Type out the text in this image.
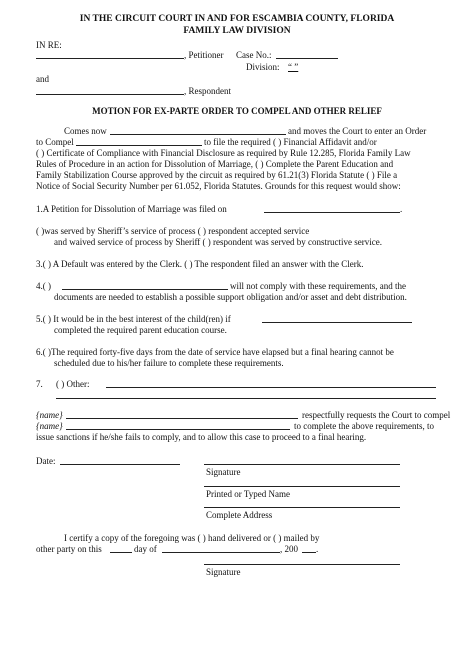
IN THE CIRCUIT COURT IN AND FOR ESCAMBIA COUNTY, FLORIDA
FAMILY LAW DIVISION
IN RE:
, Petitioner Case No.:
Division: “ ”
and
, Respondent
MOTION FOR EX-PARTE ORDER TO COMPEL AND OTHER RELIEF
Comes now	and moves the Court to enter an Order
to Compel	to file the required ( ) Financial Affidavit and/or
( ) Certificate of Compliance with Financial Disclosure as required by Rule 12.285, Florida Family Law
Rules of Procedure in an action for Dissolution of Marriage, ( ) Complete the Parent Education and
Family Stabilization Course approved by the circuit as required by 61.21(3) Florida Statute ( ) File a
Notice of Social Security Number per 61.052, Florida Statutes. Grounds for this request would show:
1.A Petition for Dissolution of Marriage was filed on	.
( )was served by Sheriff’s service of process ( ) respondent accepted service
and waived service of process by Sheriff ( ) respondent was served by constructive service.
3.( ) A Default was entered by the Clerk. ( ) The respondent filed an answer with the Clerk.
4.( )	will not comply with these requirements, and the
documents are needed to establish a possible support obligation and/or asset and debt distribution.
5.( ) It would be in the best interest of the child(ren) if
completed the required parent education course.
6.( )The required forty-five days from the date of service have elapsed but a final hearing cannot be
scheduled due to his/her failure to complete these requirements.
7. ( ) Other:
{name}	respectfully requests the Court to compel
{name}	to complete the above requirements, to
issue sanctions if he/she fails to comply, and to allow this case to proceed to a final hearing.
Date:
Signature
Printed or Typed Name
Complete Address
I certify a copy of the foregoing was ( ) hand delivered or ( ) mailed by
other party on this	day of	, 200 .
Signature
